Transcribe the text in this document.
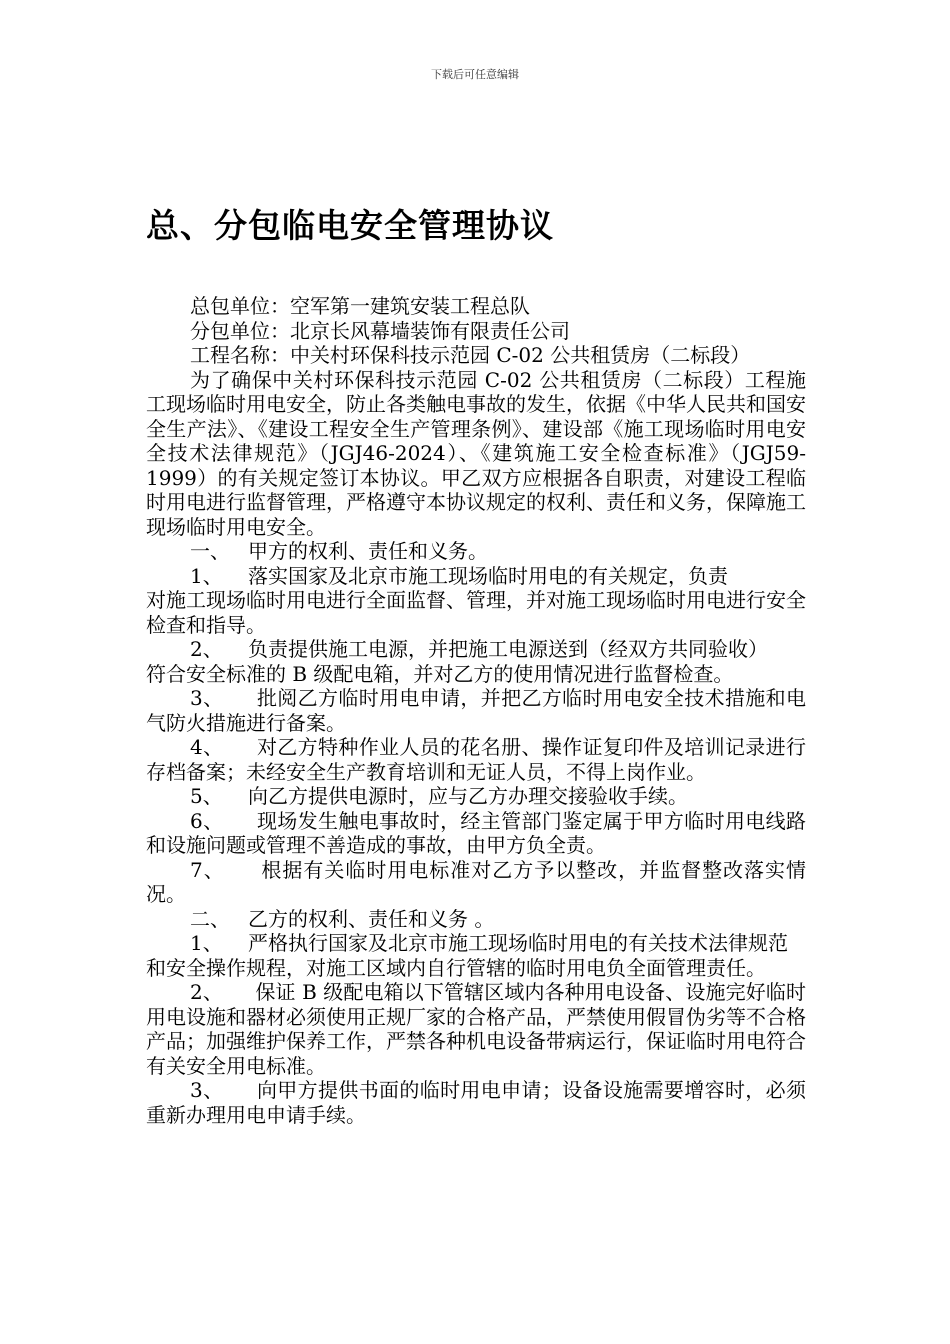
下载后可任意编辑
总、分包临电安全管理协议

总包单位：空军第一建筑安装工程总队

分包单位：北京长风幕墙装饰有限责任公司

工程名称：中关村环保科技示范园 C-02 公共租赁房（二标段）

为了确保中关村环保科技示范园 C-02 公共租赁房（二标段）工程施工现场临时用电安全，防止各类触电事故的发生，依据《中华人民共和国安全生产法》、《建设工程安全生产管理条例》、建设部《施工现场临时用电安全技术法律规范》（JGJ46-2024）、《建筑施工安全检查标准》（JGJ59-1999）的有关规定签订本协议。甲乙双方应根据各自职责，对建设工程临时用电进行监督管理，严格遵守本协议规定的权利、责任和义务，保障施工现场临时用电安全。

一、 甲方的权利、责任和义务。
1、	落实国家及北京市施工现场临时用电的有关规定，负责

对施工现场临时用电进行全面监督、管理，并对施工现场临时用电进行安全检查和指导。

2、	负责提供施工电源，并把施工电源送到（经双方共同验收）

符合安全标准的 B 级配电箱，并对乙方的使用情况进行监督检查。

3、 批阅乙方临时用电申请，并把乙方临时用电安全技术措施和电气防火措施进行备案。

4、 对乙方特种作业人员的花名册、操作证复印件及培训记录进行存档备案；未经安全生产教育培训和无证人员，不得上岗作业。

5、	向乙方提供电源时，应与乙方办理交接验收手续。

6、 现场发生触电事故时，经主管部门鉴定属于甲方临时用电线路和设施问题或管理不善造成的事故，由甲方负全责。

7、 根据有关临时用电标准对乙方予以整改，并监督整改落实情况。

二、 乙方的权利、责任和义务 。
1、	严格执行国家及北京市施工现场临时用电的有关技术法律规范

和安全操作规程，对施工区域内自行管辖的临时用电负全面管理责任。

2、 保证 B 级配电箱以下管辖区域内各种用电设备、设施完好临时用电设施和器材必须使用正规厂家的合格产品，严禁使用假冒伪劣等不合格产品；加强维护保养工作，严禁各种机电设备带病运行，保证临时用电符合有关安全用电标准。

3、 向甲方提供书面的临时用电申请；设备设施需要增容时，必须重新办理用电申请手续。
